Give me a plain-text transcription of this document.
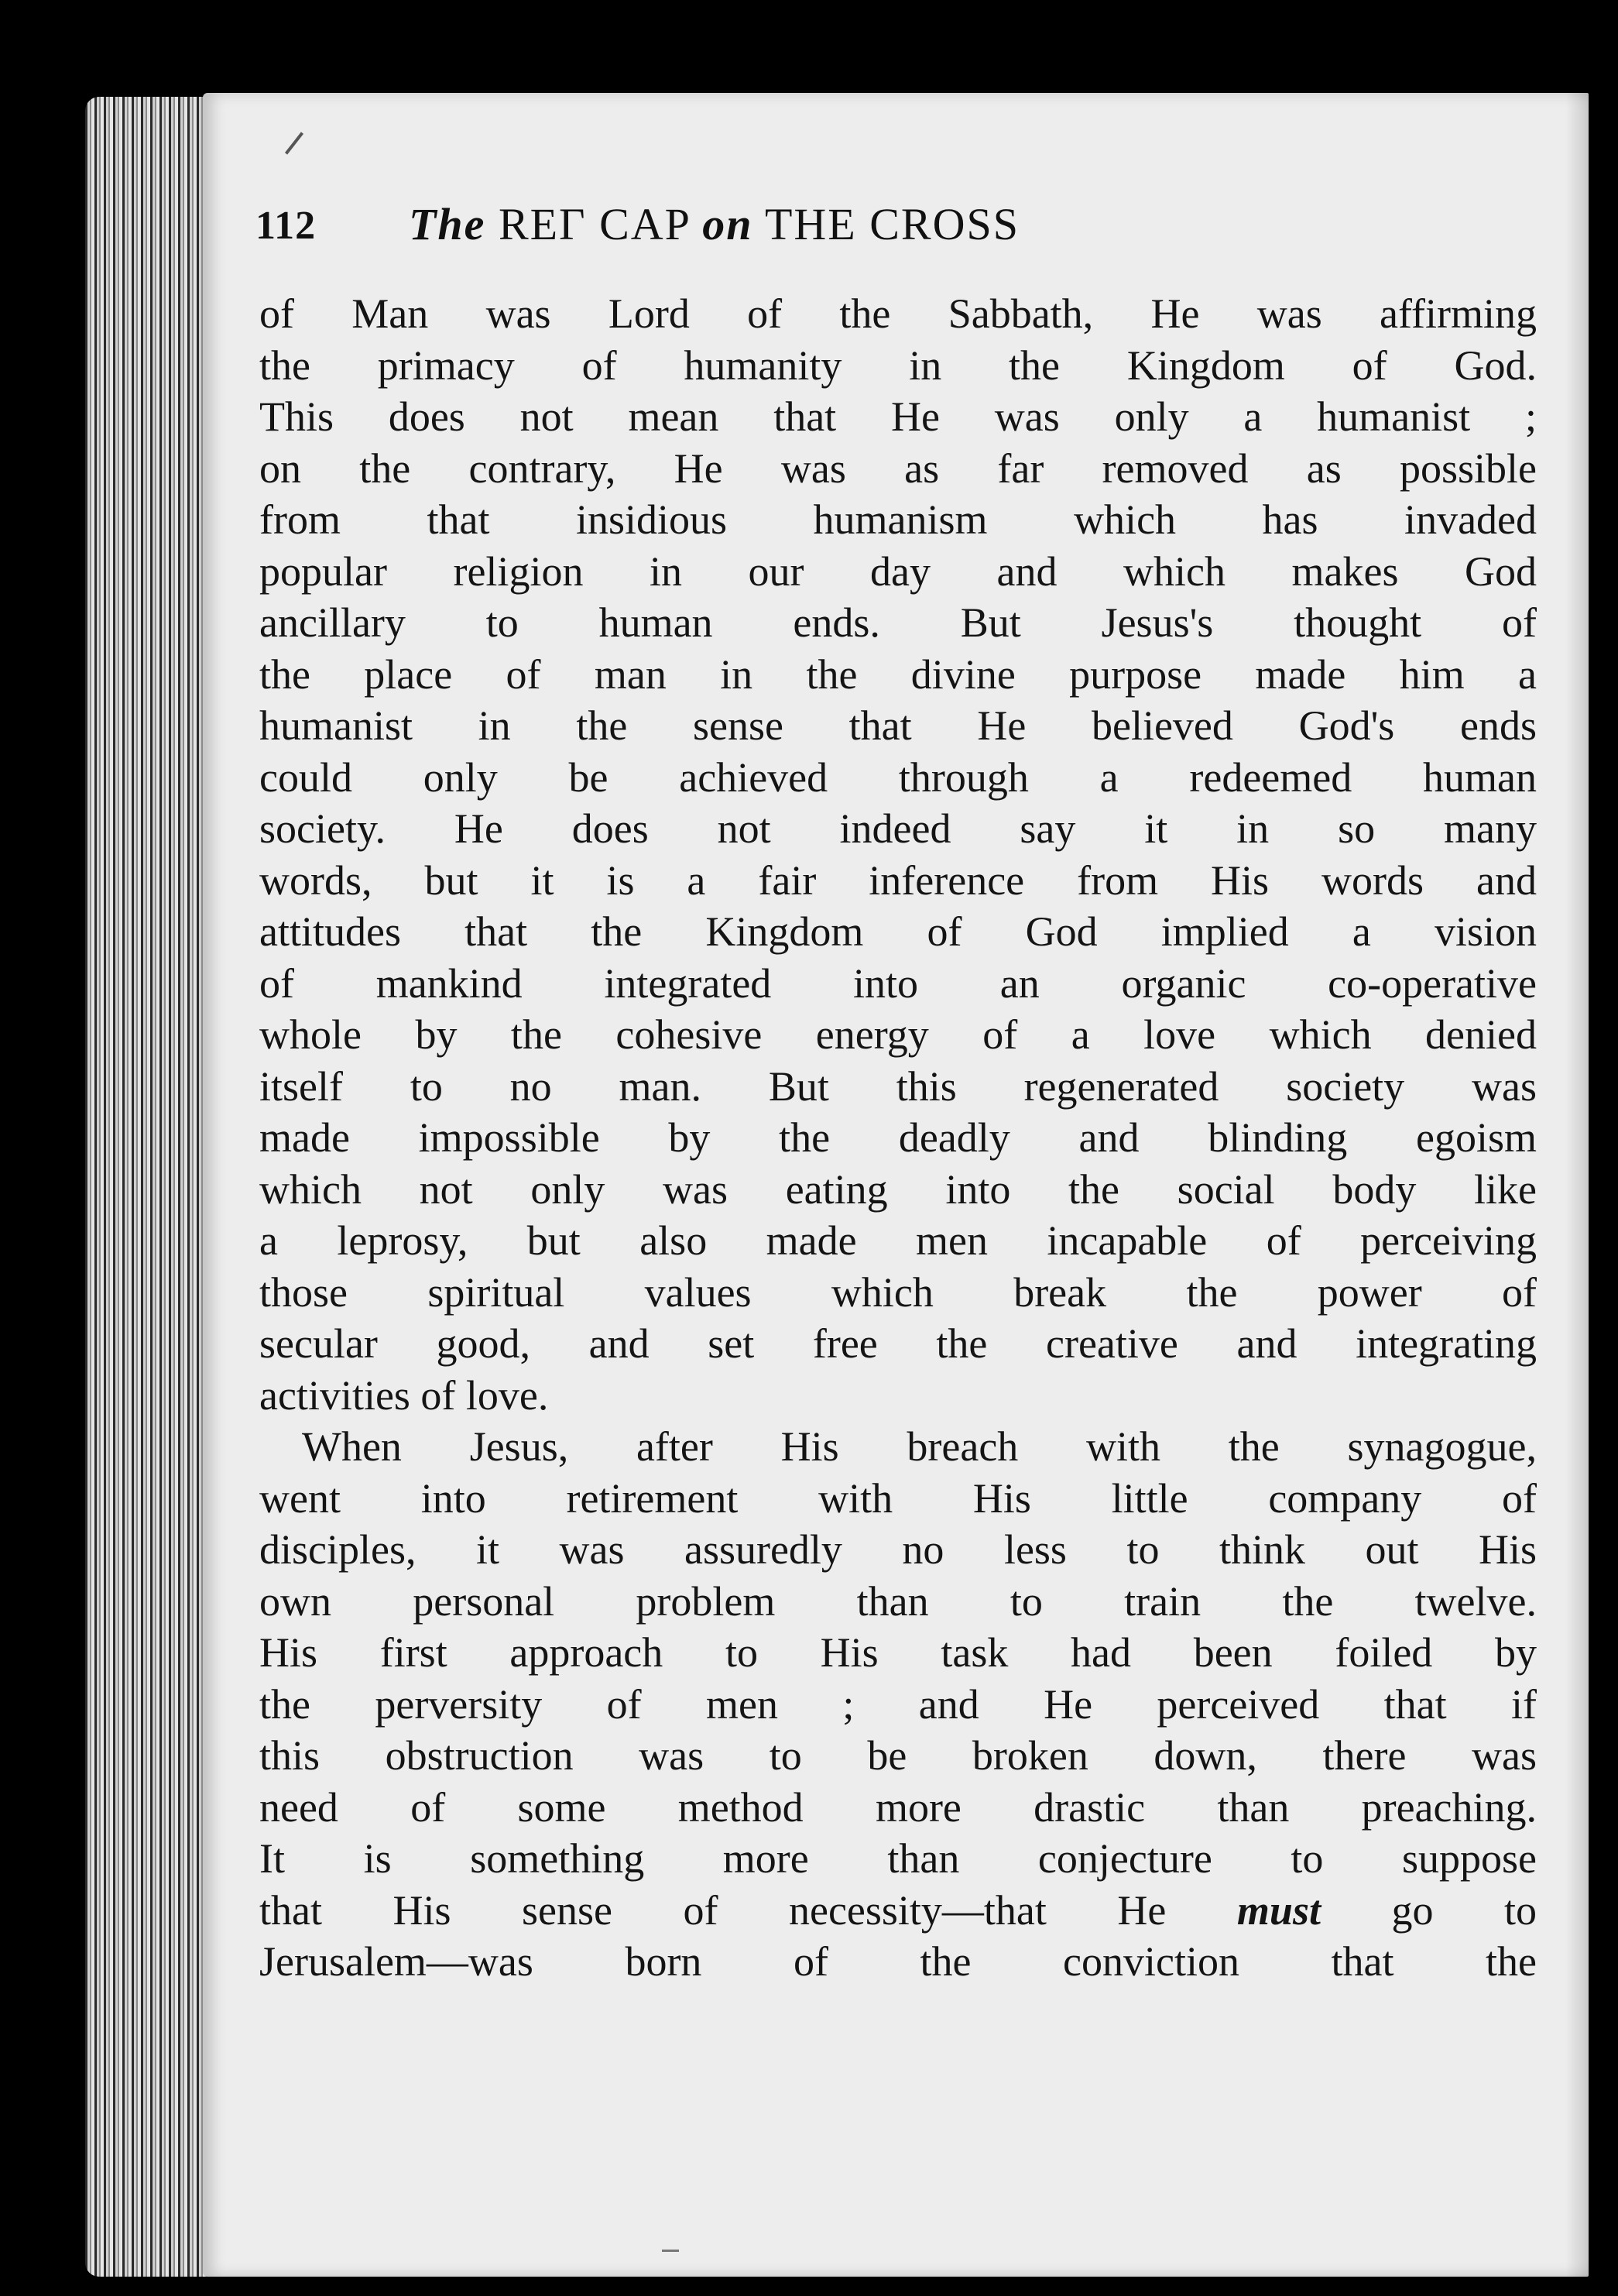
112 The REΓ CAP on THE CROSS
of Man was Lord of the Sabbath, He was affirming
the primacy of humanity in the Kingdom of God.
This does not mean that He was only a humanist ;
on the contrary, He was as far removed as possible
from that insidious humanism which has invaded
popular religion in our day and which makes God
ancillary to human ends. But Jesus's thought of
the place of man in the divine purpose made him a
humanist in the sense that He believed God's ends
could only be achieved through a redeemed human
society. He does not indeed say it in so many
words, but it is a fair inference from His words and
attitudes that the Kingdom of God implied a vision
of mankind integrated into an organic co-operative
whole by the cohesive energy of a love which denied
itself to no man. But this regenerated society was
made impossible by the deadly and blinding egoism
which not only was eating into the social body like
a leprosy, but also made men incapable of perceiving
those spiritual values which break the power of
secular good, and set free the creative and integrating
activities of love.
When Jesus, after His breach with the synagogue,
went into retirement with His little company of
disciples, it was assuredly no less to think out His
own personal problem than to train the twelve.
His first approach to His task had been foiled by
the perversity of men ; and He perceived that if
this obstruction was to be broken down, there was
need of some method more drastic than preaching.
It is something more than conjecture to suppose
that His sense of necessity—that He must go to
Jerusalem—was born of the conviction that the
